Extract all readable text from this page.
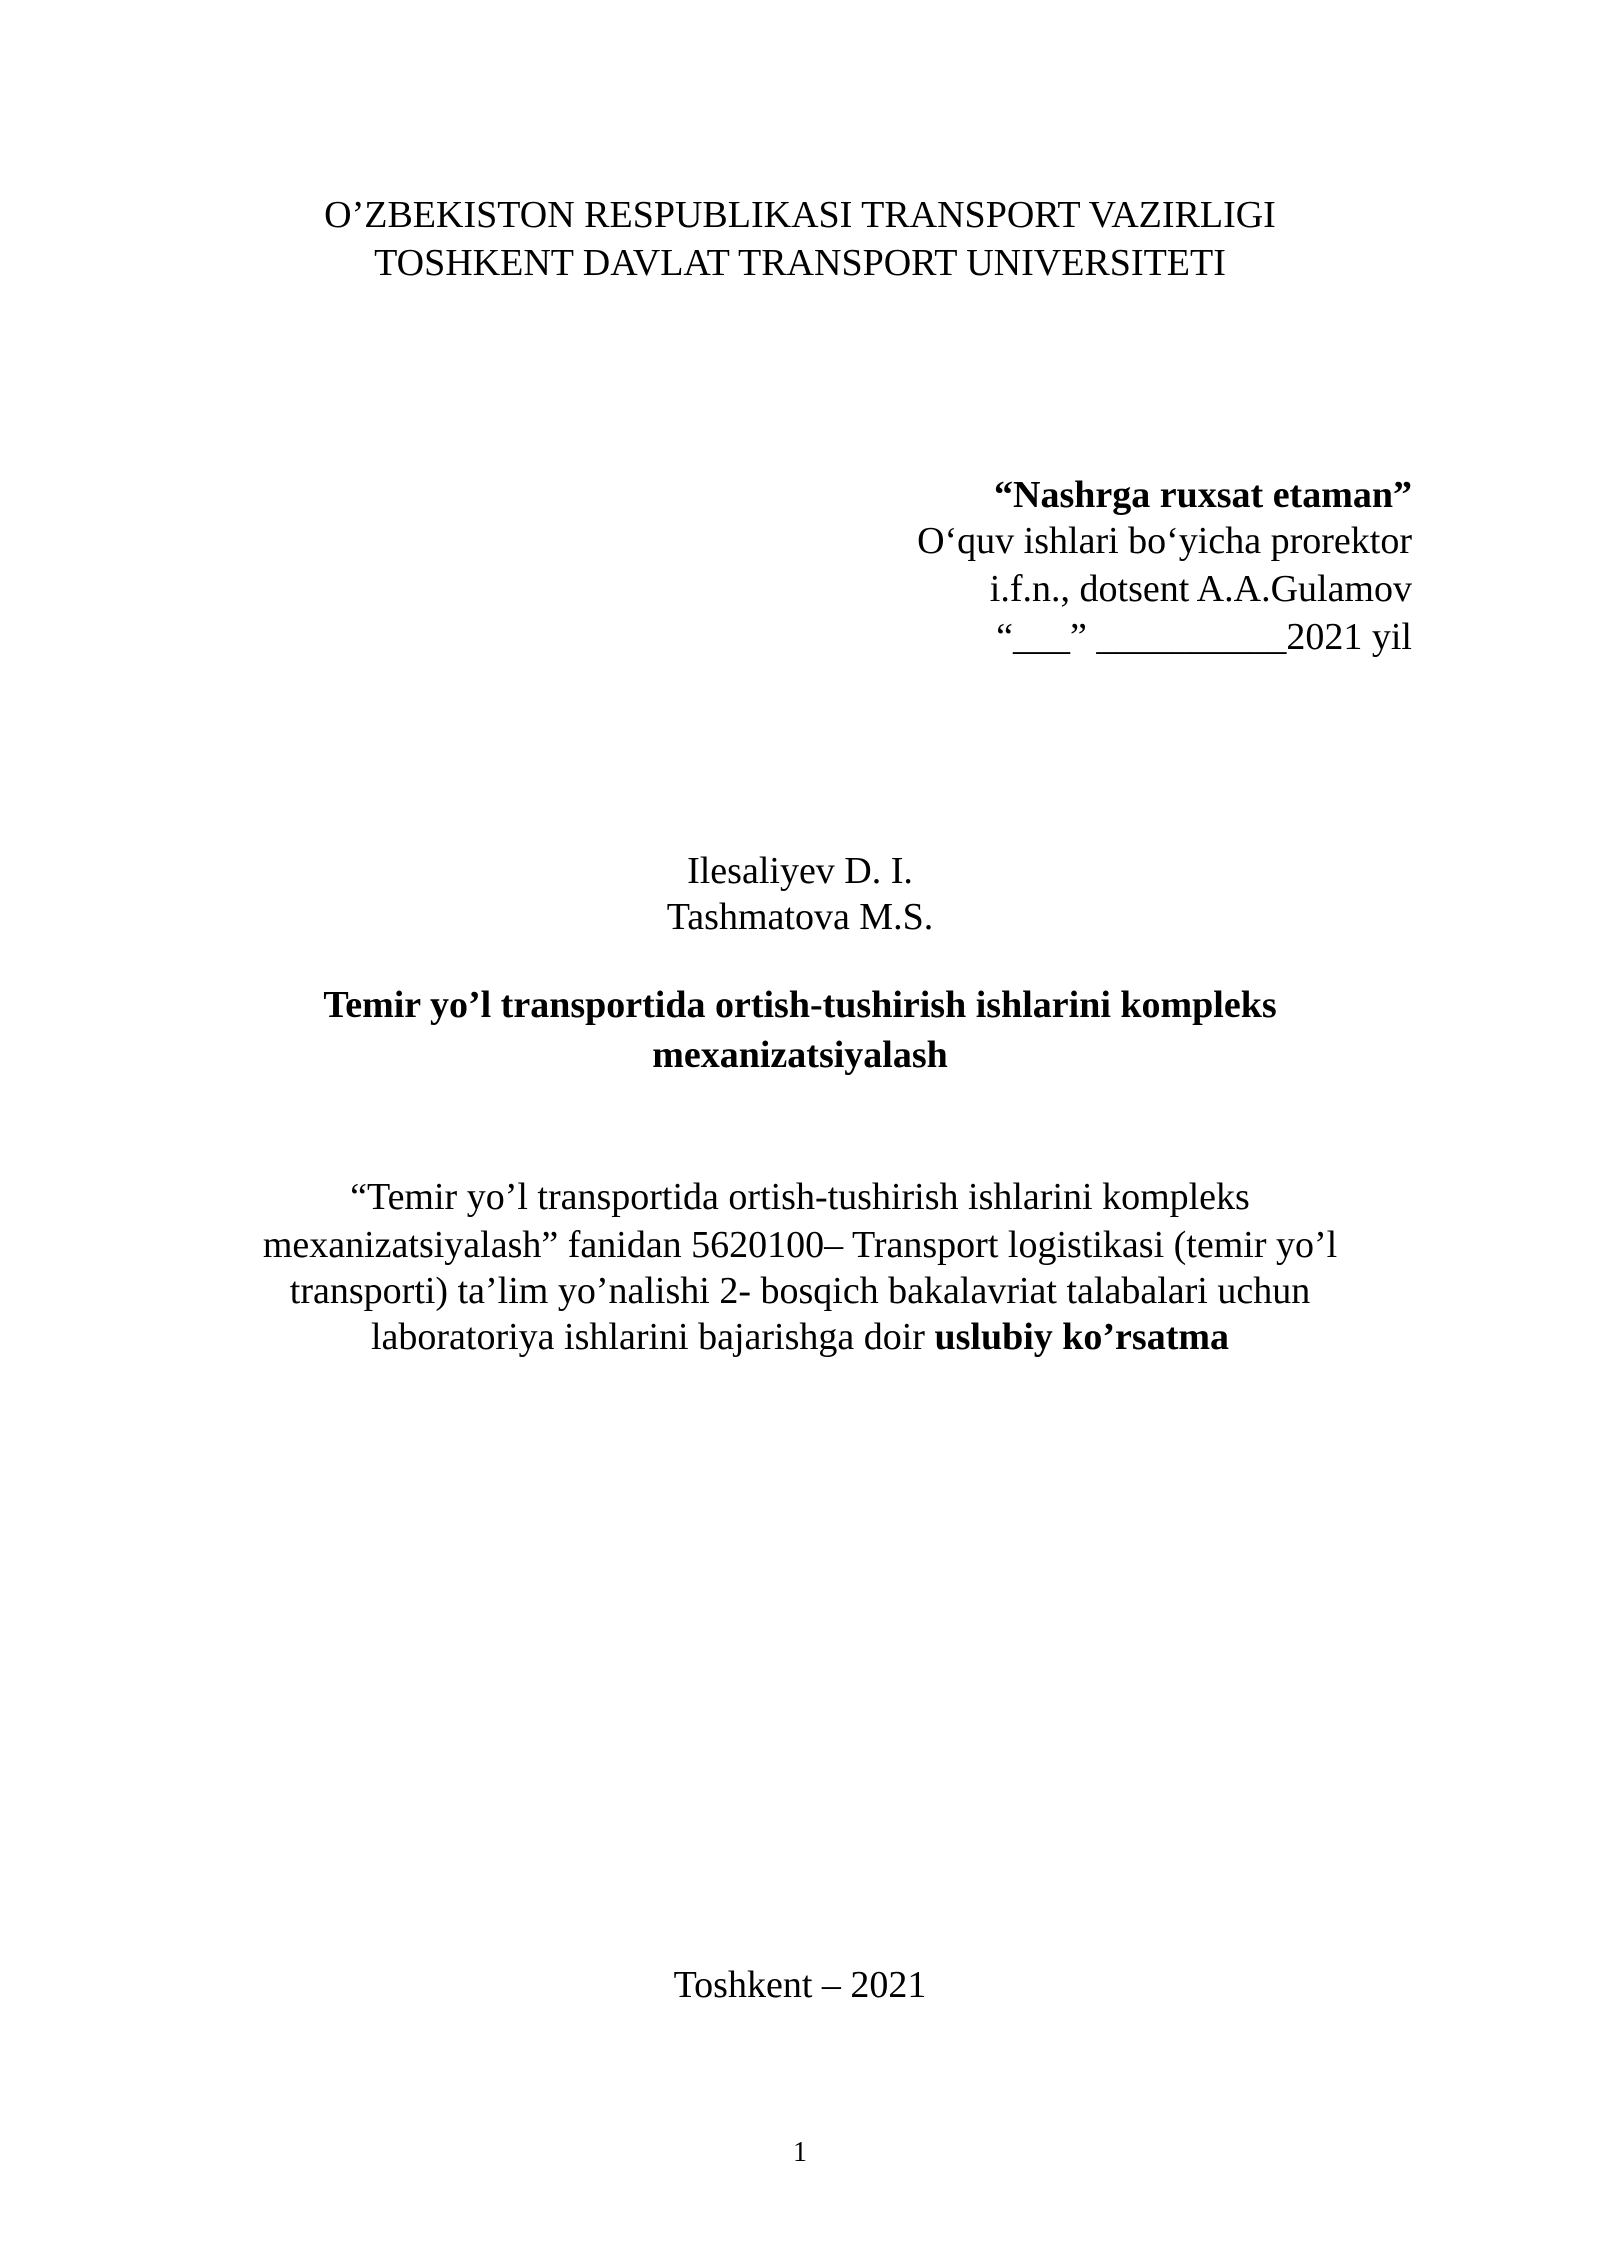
O’ZBEKISTON RESPUBLIKASI TRANSPORT VAZIRLIGI
TOSHKENT DAVLAT TRANSPORT UNIVERSITETI
“Nashrga ruxsat etaman”
O‘quv ishlari bo‘yicha prorektor
i.f.n., dotsent A.A.Gulamov
“___” __________2021 yil
Ilesaliyev D. I.
Tashmatova M.S.
Temir yo’l transportida ortish-tushirish ishlarini kompleks
mexanizatsiyalash
“Temir yo’l transportida ortish-tushirish ishlarini kompleks
mexanizatsiyalash” fanidan 5620100– Transport logistikasi (temir yo’l
transporti) ta’lim yo’nalishi 2- bosqich bakalavriat talabalari uchun
laboratoriya ishlarini bajarishga doir uslubiy ko’rsatma
Toshkent – 2021
1
